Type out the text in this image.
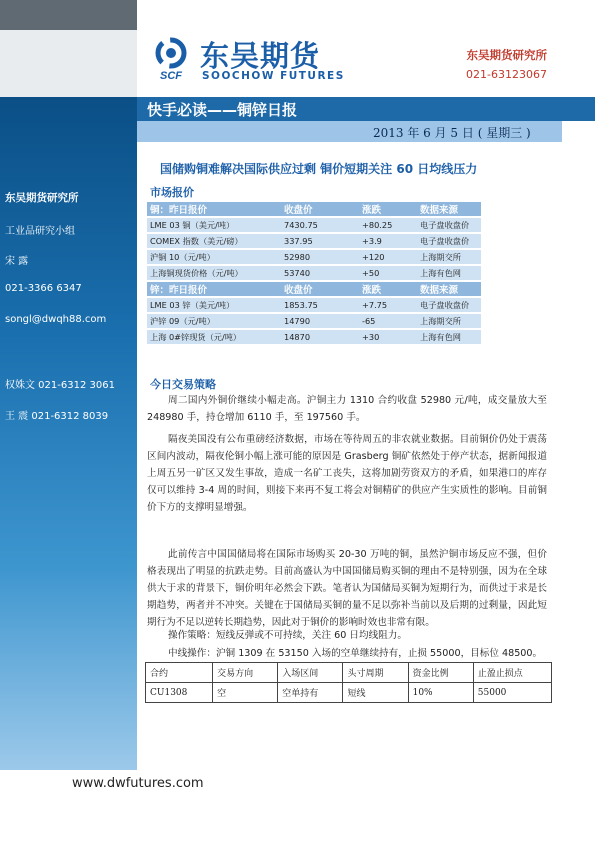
东吴期货研究所
工业品研究小组
宋 露
021-3366 6347
songl@dwqh88.com
权姝文 021-6312 3061
王 震 021-6312 8039
SCF
东吴期货
SOOCHOW FUTURES
东吴期货研究所
021-63123067
快手必读——铜锌日报
2013 年 6 月 5 日 ( 星期三 )
国储购铜难解决国际供应过剩 铜价短期关注 60 日均线压力
市场报价
铜：昨日报价	收盘价	涨跌	数据来源
LME 03 铜（美元/吨）	7430.75	+80.25	电子盘收盘价
COMEX 指数（美元/磅）	337.95	+3.9	电子盘收盘价
沪铜 10（元/吨）	52980	+120	上海期交所
上海铜现货价格（元/吨）	53740	+50	上海有色网
锌：昨日报价	收盘价	涨跌	数据来源
LME 03 锌（美元/吨）	1853.75	+7.75	电子盘收盘价
沪锌 09（元/吨）	14790	-65	上海期交所
上海 0#锌现货（元/吨）	14870	+30	上海有色网
今日交易策略
周二国内外铜价继续小幅走高。沪铜主力 1310 合约收盘 52980 元/吨，成交量放大至 248980 手，持仓增加 6110 手，至 197560 手。
隔夜美国没有公布重磅经济数据，市场在等待周五的非农就业数据。目前铜价仍处于震荡区间内波动，隔夜伦铜小幅上涨可能的原因是 Grasberg 铜矿依然处于停产状态，据新闻报道上周五另一矿区又发生事故，造成一名矿工丧失，这将加剧劳资双方的矛盾，如果港口的库存仅可以维持 3-4 周的时间，则接下来再不复工将会对铜精矿的供应产生实质性的影响。目前铜价下方的支撑明显增强。
此前传言中国国储局将在国际市场购买 20-30 万吨的铜，虽然沪铜市场反应不强，但价格表现出了明显的抗跌走势。目前高盛认为中国国储局购买铜的理由不是特别强，因为在全球供大于求的背景下，铜价明年必然会下跌。笔者认为国储局买铜为短期行为，而供过于求是长期趋势，两者并不冲突。关键在于国储局买铜的量不足以弥补当前以及后期的过剩量，因此短期行为不足以逆转长期趋势，因此对于铜价的影响时效也非常有限。
操作策略：短线反弹或不可持续，关注 60 日均线阻力。
中线操作：沪铜 1309 在 53150 入场的空单继续持有，止损 55000，目标位 48500。
合约	交易方向	入场区间	头寸周期	资金比例	止盈止损点
CU1308	空	空单持有	短线	10%	55000
www.dwfutures.com
